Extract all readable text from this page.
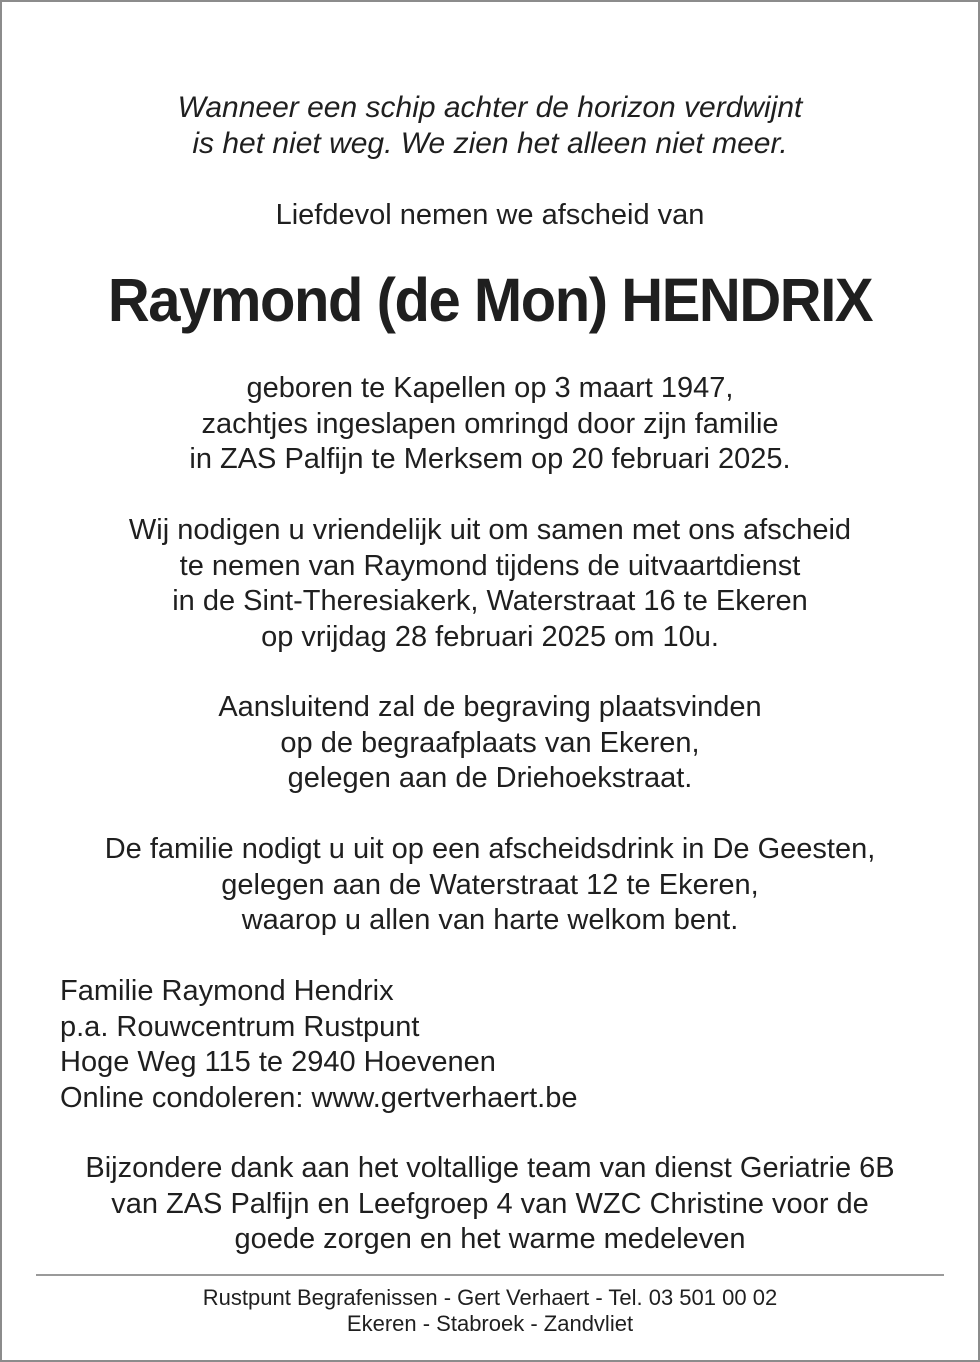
Wanneer een schip achter de horizon verdwijnt
is het niet weg. We zien het alleen niet meer.
Liefdevol nemen we afscheid van
Raymond (de Mon) HENDRIX
geboren te Kapellen op 3 maart 1947,
zachtjes ingeslapen omringd door zijn familie
in ZAS Palfijn te Merksem op 20 februari 2025.
Wij nodigen u vriendelijk uit om samen met ons afscheid
te nemen van Raymond tijdens de uitvaartdienst
in de Sint-Theresiakerk, Waterstraat 16 te Ekeren
op vrijdag 28 februari 2025 om 10u.
Aansluitend zal de begraving plaatsvinden
op de begraafplaats van Ekeren,
gelegen aan de Driehoekstraat.
De familie nodigt u uit op een afscheidsdrink in De Geesten,
gelegen aan de Waterstraat 12 te Ekeren,
waarop u allen van harte welkom bent.
Familie Raymond Hendrix
p.a. Rouwcentrum Rustpunt
Hoge Weg 115 te 2940 Hoevenen
Online condoleren: www.gertverhaert.be
Bijzondere dank aan het voltallige team van dienst Geriatrie 6B
van ZAS Palfijn en Leefgroep 4 van WZC Christine voor de
goede zorgen en het warme medeleven
Rustpunt Begrafenissen - Gert Verhaert - Tel. 03 501 00 02
Ekeren - Stabroek - Zandvliet
